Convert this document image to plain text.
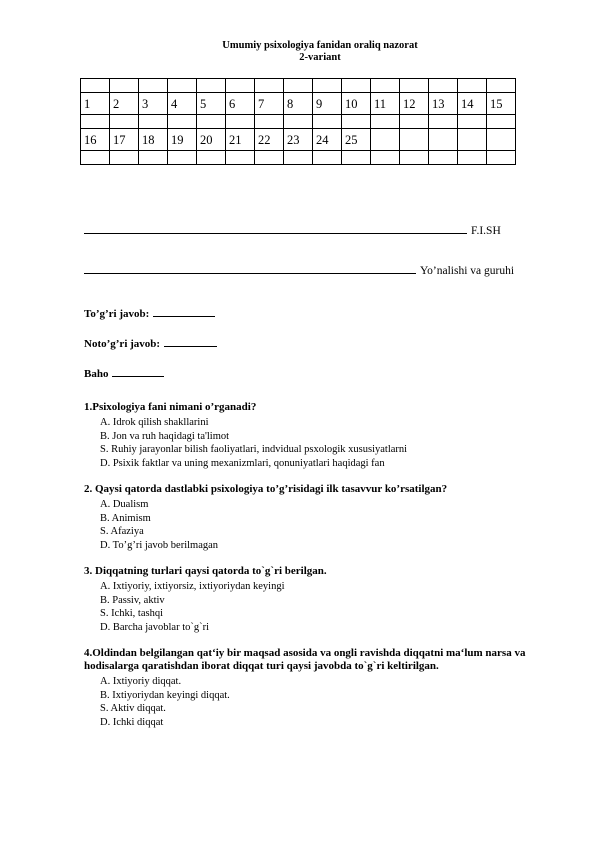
Umumiy psixologiya fanidan oraliq nazorat
2-variant

1	2	3	4	5	6	7	8	9	10	11	12	13	14	15

16	17	18	19	20	21	22	23	24	25					

F.I.SH
Yo’nalishi va guruhi
To’g’ri javob:
Noto’g’ri javob:
Baho
1.Psixologiya fani nimani o’rganadi?
A. Idrok qilish shakllarini
B. Jon va ruh haqidagi ta'limot
S. Ruhiy jarayonlar bilish faoliyatlari, indvidual psxologik xususiyatlarni
D. Psixik faktlar va uning mexanizmlari, qonuniyatlari haqidagi fan
2. Qaysi qatorda dastlabki psixologiya to’g’risidagi ilk tasavvur ko’rsatilgan?
A. Dualism
B. Animism
S. Afaziya
D. To’g’ri javob berilmagan
3. Diqqatning turlari qaysi qatorda to`g`ri berilgan.
A. Ixtiyoriy, ixtiyorsiz, ixtiyoriydan keyingi
B. Passiv, aktiv
S. Ichki, tashqi
D. Barcha javoblar to`g`ri
4.Oldindan belgilangan qat‘iy bir maqsad asosida va ongli ravishda diqqatni ma‘lum narsa va hodisalarga qaratishdan iborat diqqat turi qaysi javobda to`g`ri keltirilgan.
A. Ixtiyoriy diqqat.
B. Ixtiyoriydan keyingi diqqat.
S. Aktiv diqqat.
D. Ichki diqqat
